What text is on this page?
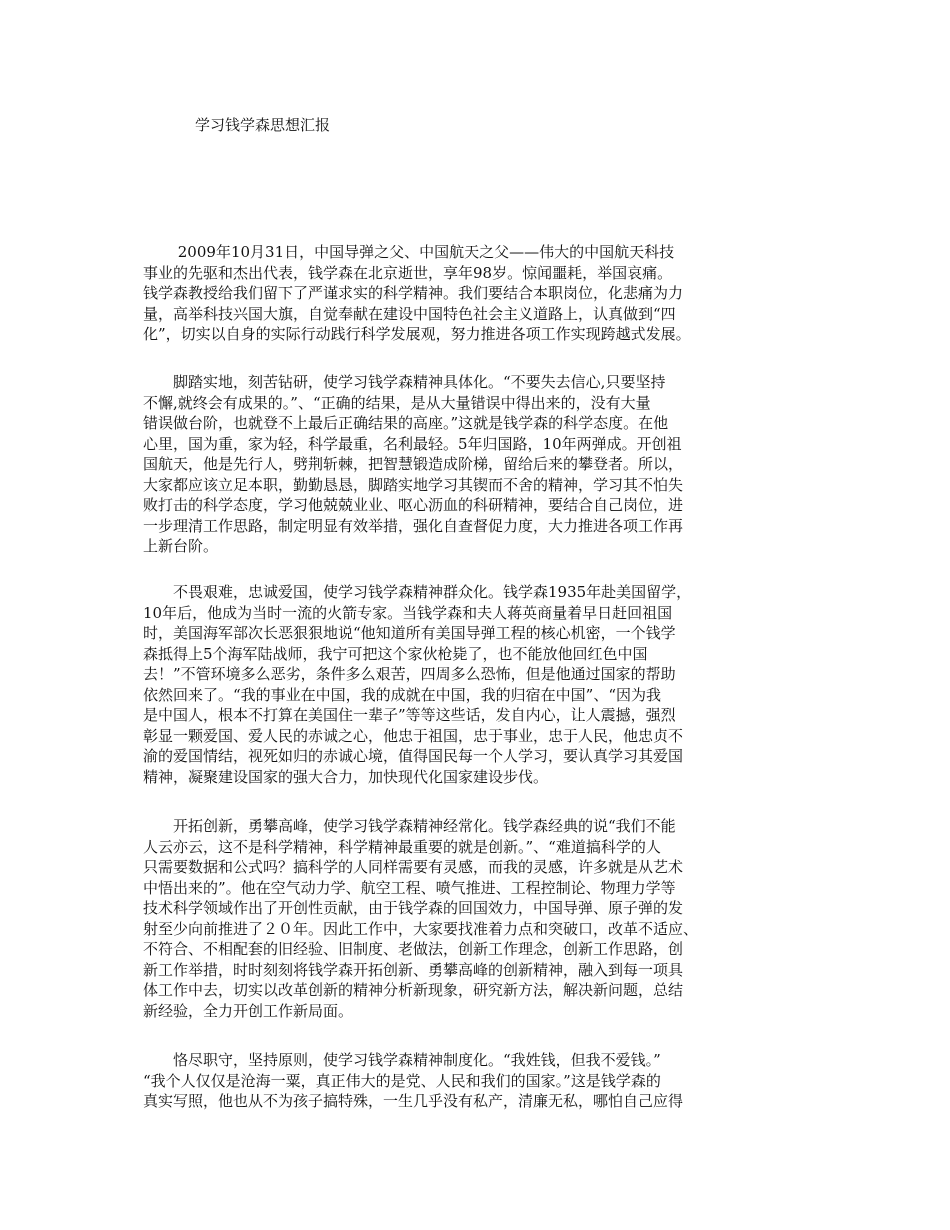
学习钱学森思想汇报
　　 2009年10月31日，中国导弹之父、中国航天之父——伟大的中国航天科技
事业的先驱和杰出代表，钱学森在北京逝世，享年98岁。惊闻噩耗，举国哀痛。
钱学森教授给我们留下了严谨求实的科学精神。我们要结合本职岗位，化悲痛为力
量，高举科技兴国大旗，自觉奉献在建设中国特色社会主义道路上，认真做到“四
化”，切实以自身的实际行动践行科学发展观，努力推进各项工作实现跨越式发展。
　　脚踏实地，刻苦钻研，使学习钱学森精神具体化。“不要失去信心,只要坚持
不懈,就终会有成果的。”、“正确的结果，是从大量错误中得出来的，没有大量
错误做台阶，也就登不上最后正确结果的高座。”这就是钱学森的科学态度。在他
心里，国为重，家为轻，科学最重，名利最轻。5年归国路，10年两弹成。开创祖
国航天，他是先行人，劈荆斩棘，把智慧锻造成阶梯，留给后来的攀登者。所以，
大家都应该立足本职，勤勤恳恳，脚踏实地学习其锲而不舍的精神，学习其不怕失
败打击的科学态度，学习他兢兢业业、呕心沥血的科研精神，要结合自己岗位，进
一步理清工作思路，制定明显有效举措，强化自查督促力度，大力推进各项工作再
上新台阶。
　　不畏艰难，忠诚爱国，使学习钱学森精神群众化。钱学森1935年赴美国留学，
10年后，他成为当时一流的火箭专家。当钱学森和夫人蒋英商量着早日赶回祖国
时，美国海军部次长恶狠狠地说“他知道所有美国导弹工程的核心机密，一个钱学
森抵得上5个海军陆战师，我宁可把这个家伙枪毙了，也不能放他回红色中国
去！”不管环境多么恶劣，条件多么艰苦，四周多么恐怖，但是他通过国家的帮助
依然回来了。“我的事业在中国，我的成就在中国，我的归宿在中国”、“因为我
是中国人，根本不打算在美国住一辈子”等等这些话，发自内心，让人震撼，强烈
彰显一颗爱国、爱人民的赤诚之心，他忠于祖国，忠于事业，忠于人民，他忠贞不
渝的爱国情结，视死如归的赤诚心境，值得国民每一个人学习，要认真学习其爱国
精神，凝聚建设国家的强大合力，加快现代化国家建设步伐。
　　开拓创新，勇攀高峰，使学习钱学森精神经常化。钱学森经典的说“我们不能
人云亦云，这不是科学精神，科学精神最重要的就是创新。”、“难道搞科学的人
只需要数据和公式吗？搞科学的人同样需要有灵感，而我的灵感，许多就是从艺术
中悟出来的”。他在空气动力学、航空工程、喷气推进、工程控制论、物理力学等
技术科学领域作出了开创性贡献，由于钱学森的回国效力，中国导弹、原子弹的发
射至少向前推进了２０年。因此工作中，大家要找准着力点和突破口，改革不适应、
不符合、不相配套的旧经验、旧制度、老做法，创新工作理念，创新工作思路，创
新工作举措，时时刻刻将钱学森开拓创新、勇攀高峰的创新精神，融入到每一项具
体工作中去，切实以改革创新的精神分析新现象，研究新方法，解决新问题，总结
新经验，全力开创工作新局面。
　　恪尽职守，坚持原则，使学习钱学森精神制度化。“我姓钱，但我不爱钱。”
“我个人仅仅是沧海一粟，真正伟大的是党、人民和我们的国家。”这是钱学森的
真实写照，他也从不为孩子搞特殊，一生几乎没有私产，清廉无私，哪怕自己应得
